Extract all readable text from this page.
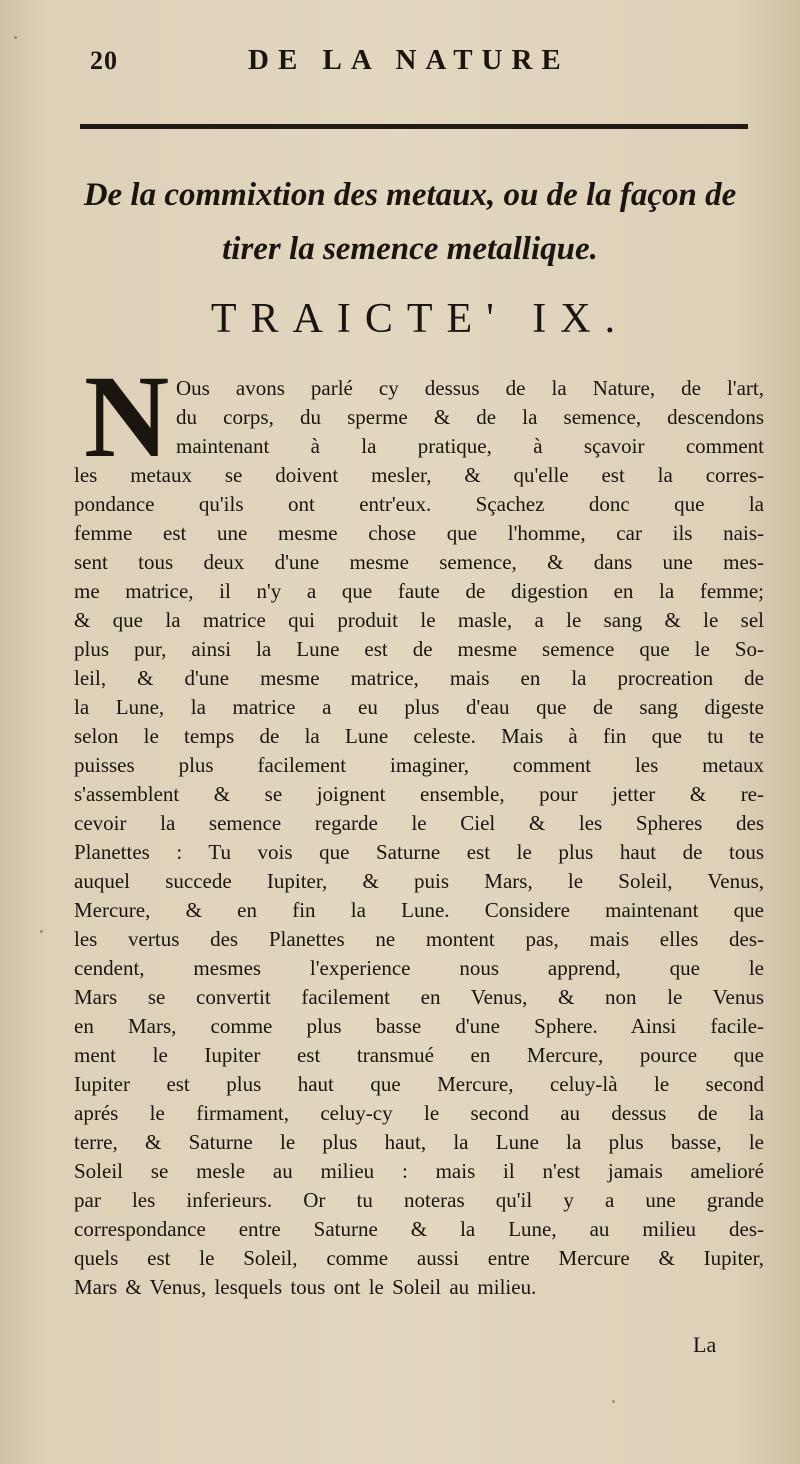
20	DE LA NATURE
De la commixtion des metaux, ou de la façon de
tirer la semence metallique.
TRAICTE' IX.
N Ous avons parlé cy dessus de la Nature, de l'art,
du corps, du sperme & de la semence, descendons
maintenant à la pratique, à sçavoir comment
les metaux se doivent mesler, & qu'elle est la corres-
pondance qu'ils ont entr'eux. Sçachez donc que la
femme est une mesme chose que l'homme, car ils nais-
sent tous deux d'une mesme semence, & dans une mes-
me matrice, il n'y a que faute de digestion en la femme;
& que la matrice qui produit le masle, a le sang & le sel
plus pur, ainsi la Lune est de mesme semence que le So-
leil, & d'une mesme matrice, mais en la procreation de
la Lune, la matrice a eu plus d'eau que de sang digeste
selon le temps de la Lune celeste. Mais à fin que tu te
puisses plus facilement imaginer, comment les metaux
s'assemblent & se joignent ensemble, pour jetter & re-
cevoir la semence regarde le Ciel & les Spheres des
Planettes : Tu vois que Saturne est le plus haut de tous
auquel succede Iupiter, & puis Mars, le Soleil, Venus,
Mercure, & en fin la Lune. Considere maintenant que
les vertus des Planettes ne montent pas, mais elles des-
cendent, mesmes l'experience nous apprend, que le
Mars se convertit facilement en Venus, & non le Venus
en Mars, comme plus basse d'une Sphere. Ainsi facile-
ment le Iupiter est transmué en Mercure, pource que
Iupiter est plus haut que Mercure, celuy-là le second
aprés le firmament, celuy-cy le second au dessus de la
terre, & Saturne le plus haut, la Lune la plus basse, le
Soleil se mesle au milieu : mais il n'est jamais amelioré
par les inferieurs. Or tu noteras qu'il y a une grande
correspondance entre Saturne & la Lune, au milieu des-
quels est le Soleil, comme aussi entre Mercure & Iupiter,
Mars & Venus, lesquels tous ont le Soleil au milieu.
La
